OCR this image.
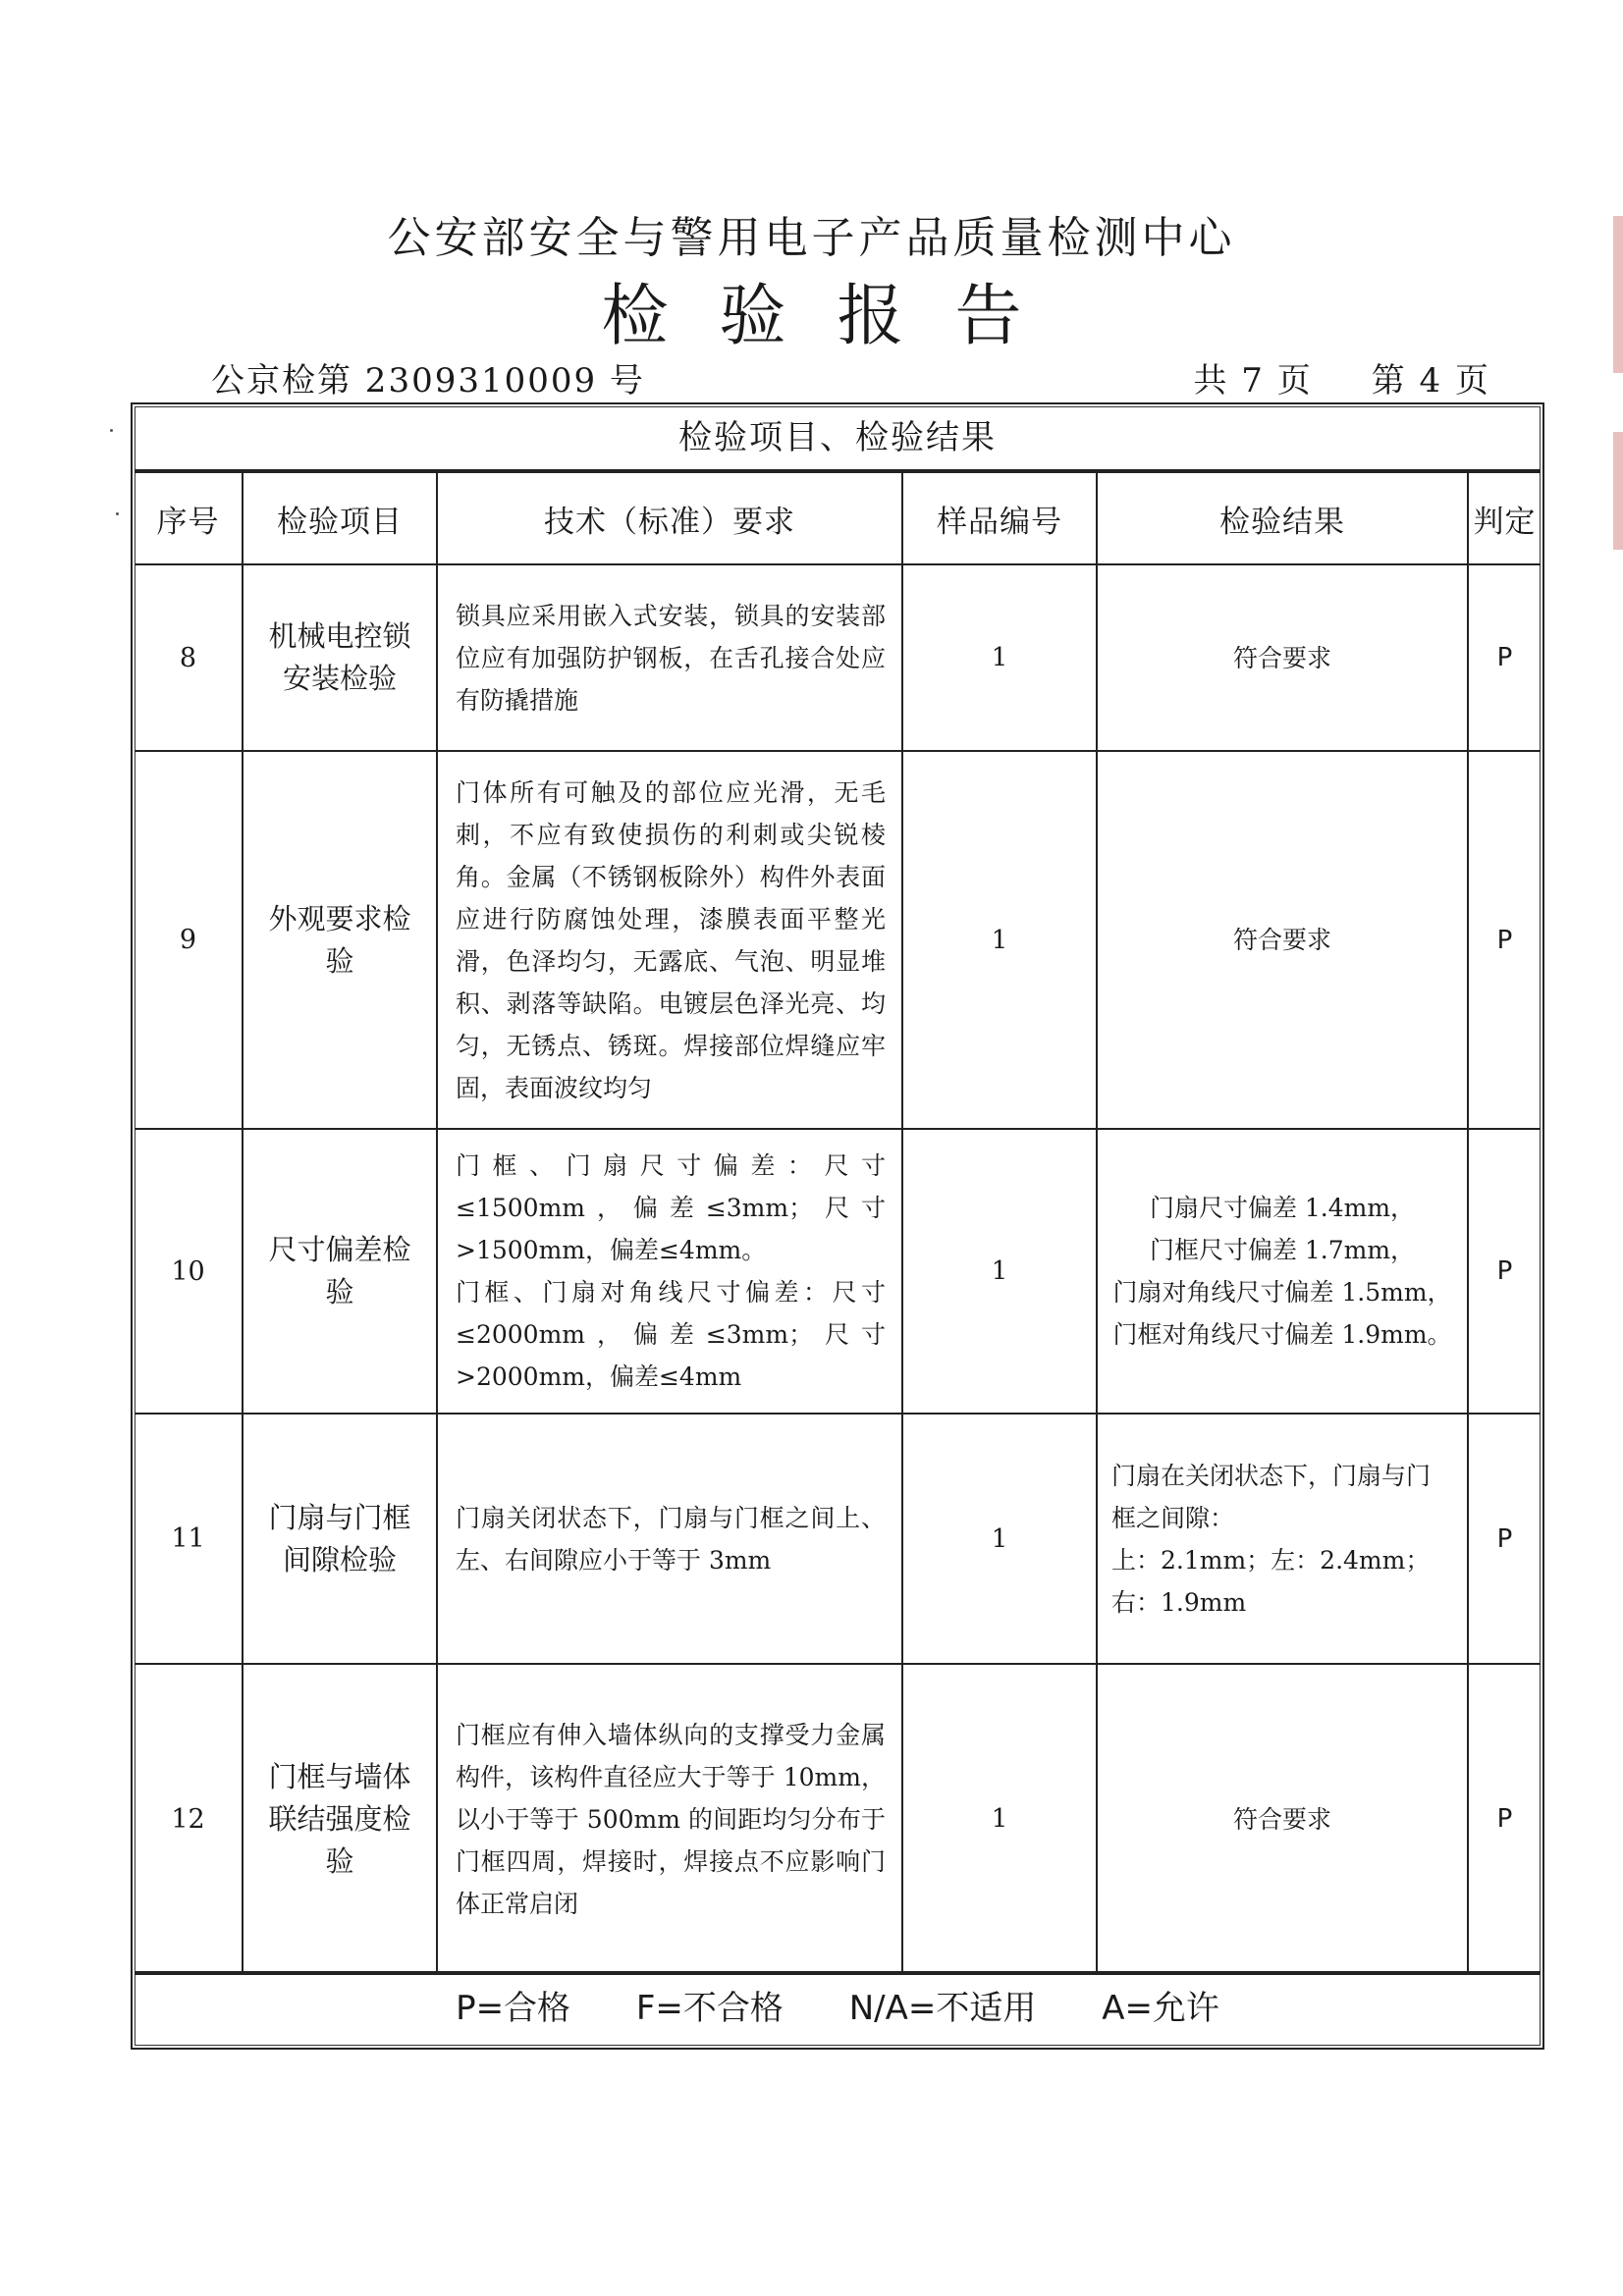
公安部安全与警用电子产品质量检测中心
检验报告
公京检第 2309310009 号	共 7 页 第 4 页
检验项目、检验结果
序号	检验项目	技术（标准）要求	样品编号	检验结果	判定
8	机械电控锁安装检验	锁具应采用嵌入式安装，锁具的安装部位应有加强防护钢板，在舌孔接合处应有防撬措施	1	符合要求	P
9	外观要求检验	门体所有可触及的部位应光滑，无毛刺，不应有致使损伤的利刺或尖锐棱角。金属（不锈钢板除外）构件外表面应进行防腐蚀处理，漆膜表面平整光滑，色泽均匀，无露底、气泡、明显堆积、剥落等缺陷。电镀层色泽光亮、均匀，无锈点、锈斑。焊接部位焊缝应牢固，表面波纹均匀	1	符合要求	P
10	尺寸偏差检验	门框、门扇尺寸偏差：尺寸≤1500mm，偏差≤3mm；尺寸>1500mm，偏差≤4mm。
门框、门扇对角线尺寸偏差：尺寸≤2000mm，偏差≤3mm；尺寸>2000mm，偏差≤4mm	1	门扇尺寸偏差 1.4mm，
门框尺寸偏差 1.7mm，
门扇对角线尺寸偏差 1.5mm，
门框对角线尺寸偏差 1.9mm。	P
11	门扇与门框间隙检验	门扇关闭状态下，门扇与门框之间上、左、右间隙应小于等于 3mm	1	门扇在关闭状态下，门扇与门框之间隙：
上：2.1mm；左：2.4mm；
右：1.9mm	P
12	门框与墙体联结强度检验	门框应有伸入墙体纵向的支撑受力金属构件，该构件直径应大于等于 10mm，以小于等于 500mm 的间距均匀分布于门框四周，焊接时，焊接点不应影响门体正常启闭	1	符合要求	P
P=合格 F=不合格 N/A=不适用 A=允许
